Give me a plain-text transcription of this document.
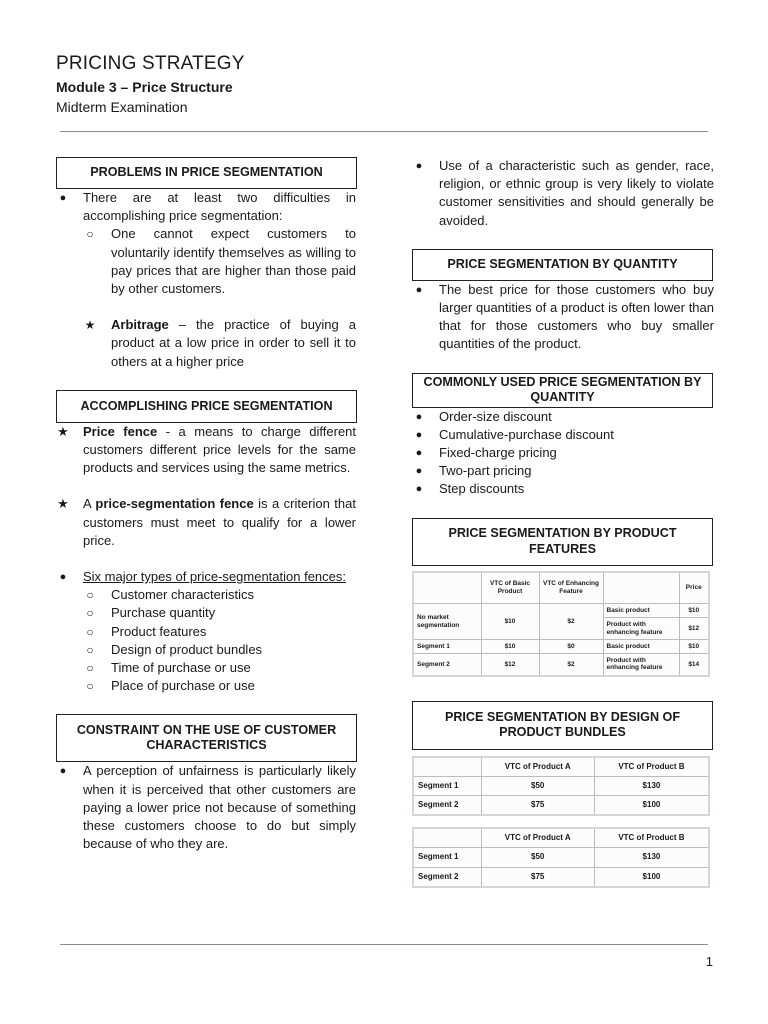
PRICING STRATEGY
Module 3 – Price Structure
Midterm Examination
PROBLEMS IN PRICE SEGMENTATION
● There are at least two difficulties in accomplishing price segmentation:
○ One cannot expect customers to voluntarily identify themselves as willing to pay prices that are higher than those paid by other customers.
★ Arbitrage – the practice of buying a product at a low price in order to sell it to others at a higher price
ACCOMPLISHING PRICE SEGMENTATION
★ Price fence - a means to charge different customers different price levels for the same products and services using the same metrics.
★ A price-segmentation fence is a criterion that customers must meet to qualify for a lower price.
● Six major types of price-segmentation fences:
○ Customer characteristics
○ Purchase quantity
○ Product features
○ Design of product bundles
○ Time of purchase or use
○ Place of purchase or use
CONSTRAINT ON THE USE OF CUSTOMER CHARACTERISTICS
● A perception of unfairness is particularly likely when it is perceived that other customers are paying a lower price not because of something these customers choose to do but simply because of who they are.
● Use of a characteristic such as gender, race, religion, or ethnic group is very likely to violate customer sensitivities and should generally be avoided.
PRICE SEGMENTATION BY QUANTITY
● The best price for those customers who buy larger quantities of a product is often lower than that for those customers who buy smaller quantities of the product.
COMMONLY USED PRICE SEGMENTATION BY QUANTITY
● Order-size discount
● Cumulative-purchase discount
● Fixed-charge pricing
● Two-part pricing
● Step discounts
PRICE SEGMENTATION BY PRODUCT FEATURES
	VTC of Basic Product	VTC of Enhancing Feature		Price
No market segmentation	$10	$2	Basic product	$10
			Product with enhancing feature	$12
Segment 1	$10	$0	Basic product	$10
Segment 2	$12	$2	Product with enhancing feature	$14
PRICE SEGMENTATION BY DESIGN OF PRODUCT BUNDLES
	VTC of Product A	VTC of Product B
Segment 1	$50	$130
Segment 2	$75	$100
	VTC of Product A	VTC of Product B
Segment 1	$50	$130
Segment 2	$75	$100
1
